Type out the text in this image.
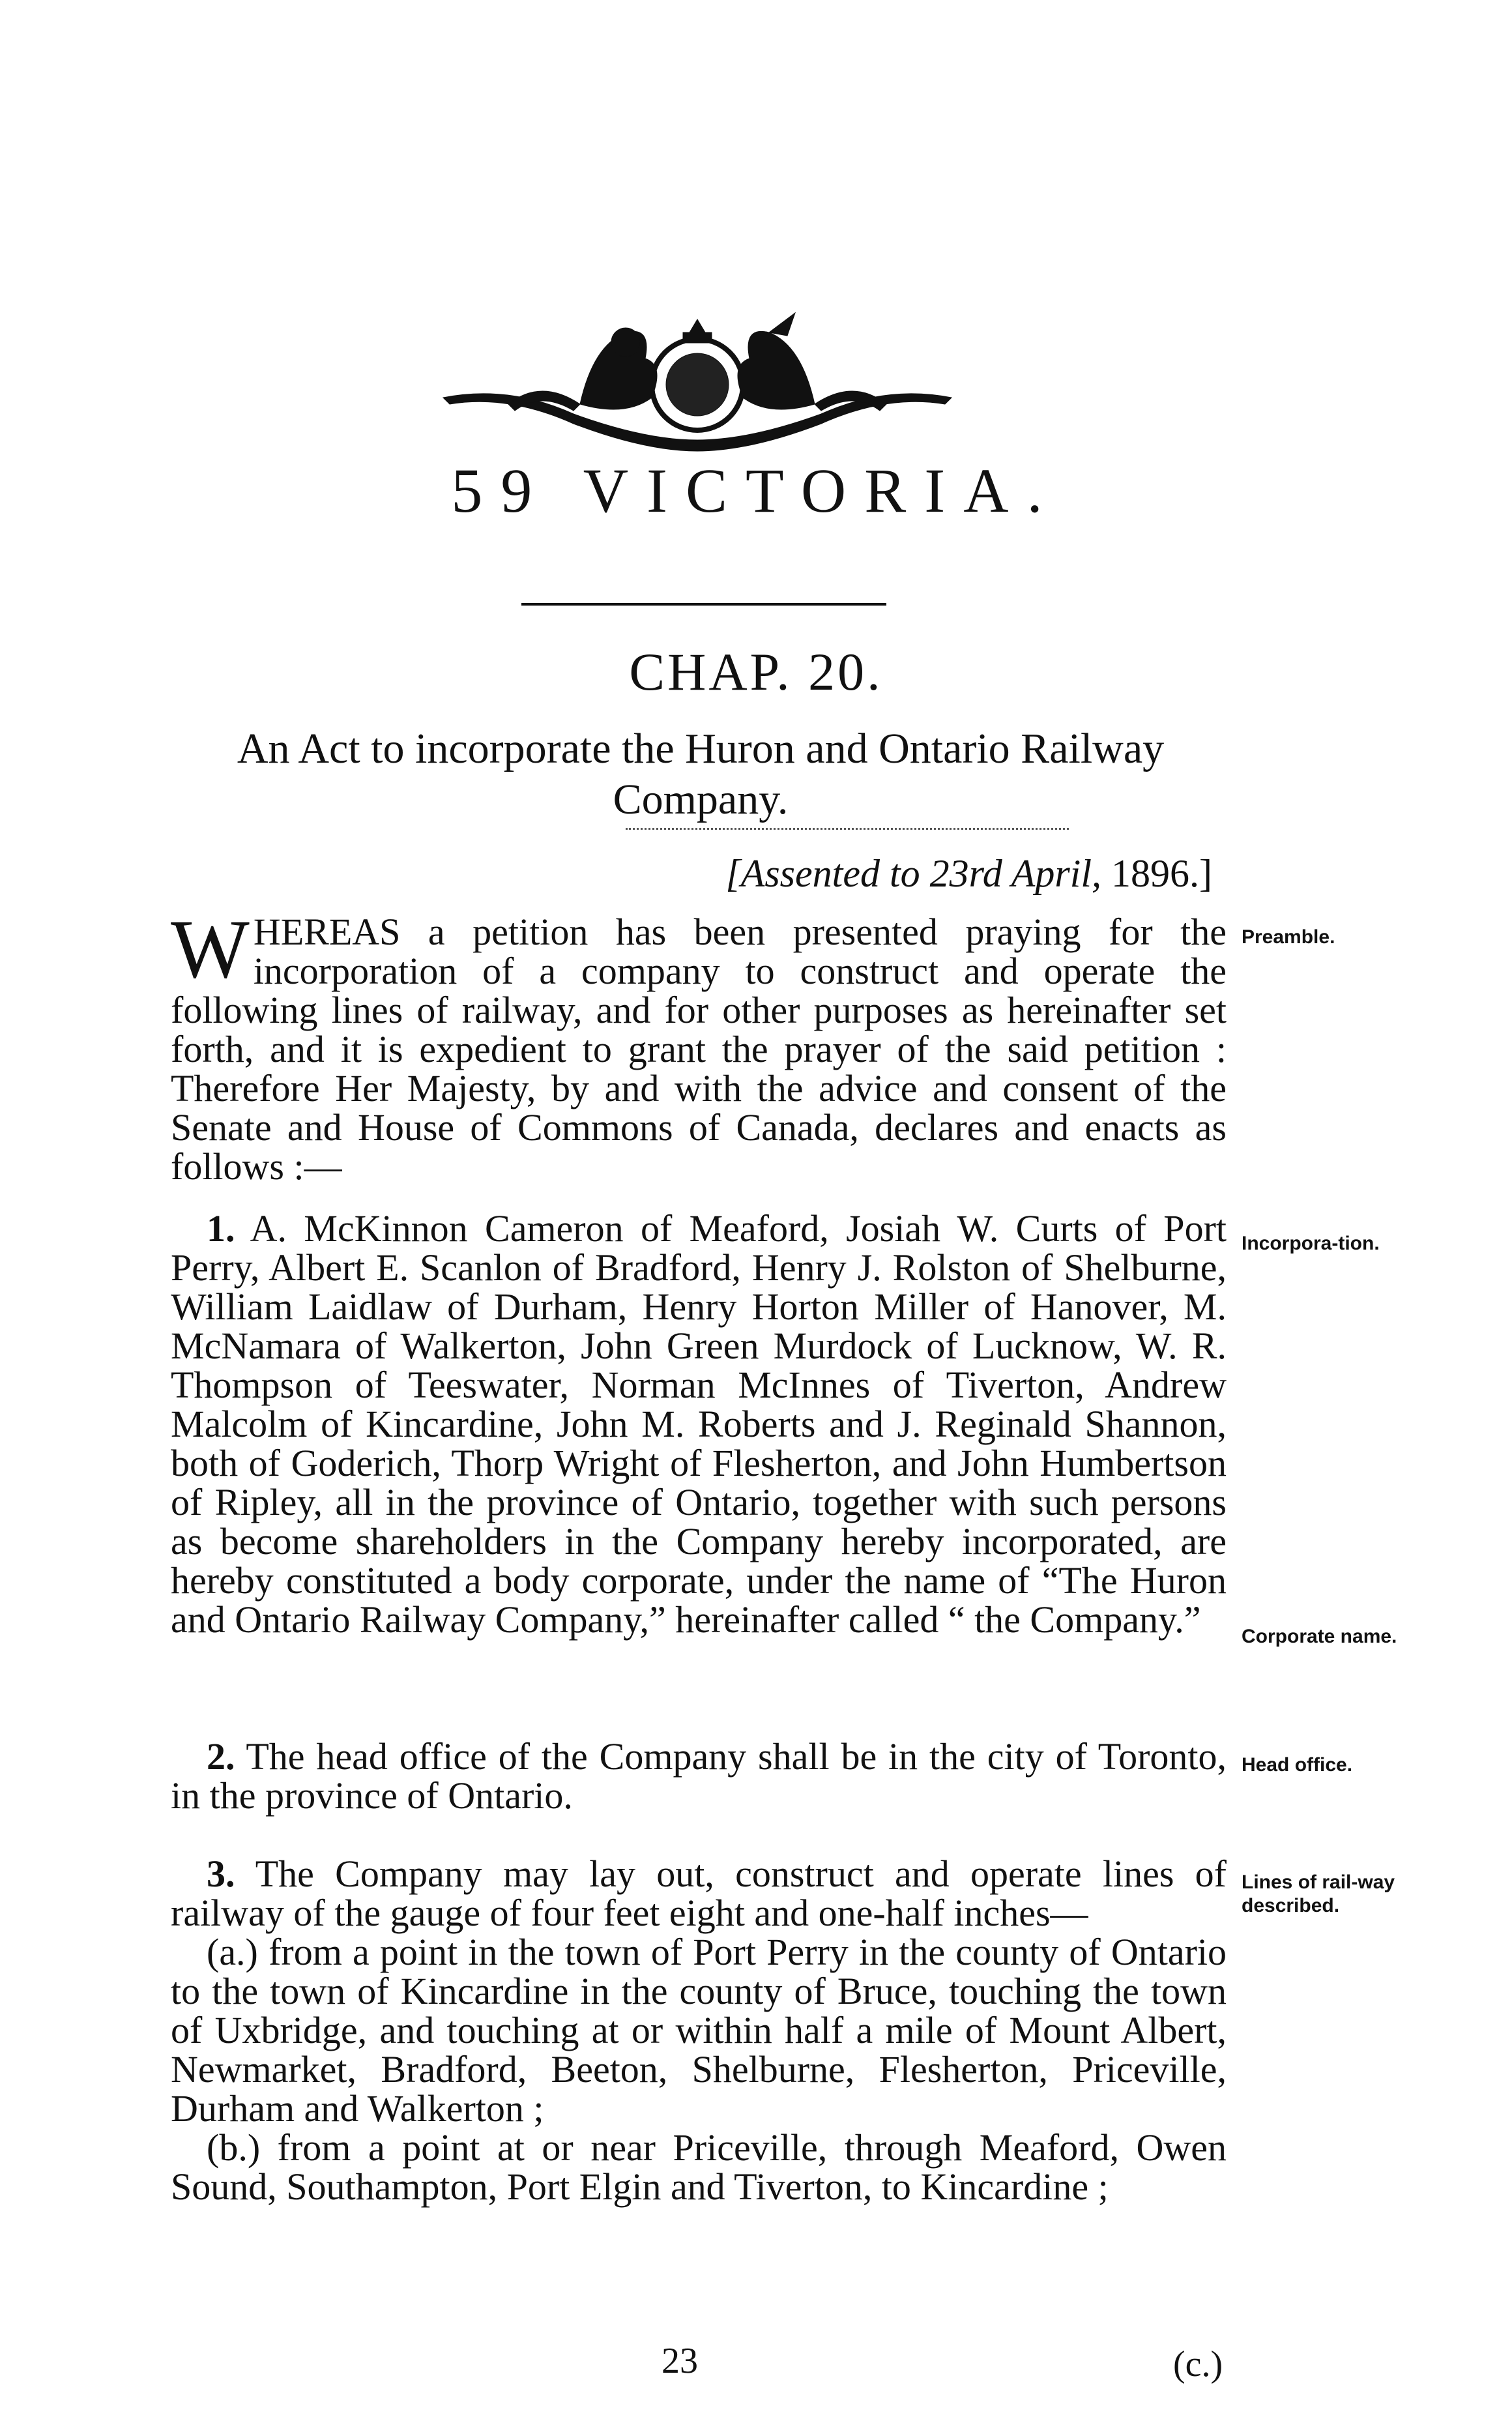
59 VICTORIA.
CHAP. 20.
An Act to incorporate the Huron and Ontario Railway Company.
[Assented to 23rd April, 1896.]
W HEREAS a petition has been presented praying for the incorporation of a company to construct and operate the following lines of railway, and for other purposes as hereinafter set forth, and it is expedient to grant the prayer of the said petition : Therefore Her Majesty, by and with the advice and consent of the Senate and House of Commons of Canada, declares and enacts as follows :—

1. A. McKinnon Cameron of Meaford, Josiah W. Curts of Port Perry, Albert E. Scanlon of Bradford, Henry J. Rolston of Shelburne, William Laidlaw of Durham, Henry Horton Miller of Hanover, M. McNamara of Walkerton, John Green Murdock of Lucknow, W. R. Thompson of Teeswater, Norman McInnes of Tiverton, Andrew Malcolm of Kincardine, John M. Roberts and J. Reginald Shannon, both of Goderich, Thorp Wright of Flesherton, and John Humbertson of Ripley, all in the province of Ontario, together with such persons as become shareholders in the Company hereby incorporated, are hereby constituted a body corporate, under the name of “The Huron and Ontario Railway Company,” hereinafter called “ the Company.”

2. The head office of the Company shall be in the city of Toronto, in the province of Ontario.

3. The Company may lay out, construct and operate lines of railway of the gauge of four feet eight and one-half inches—

(a.) from a point in the town of Port Perry in the county of Ontario to the town of Kincardine in the county of Bruce, touching the town of Uxbridge, and touching at or within half a mile of Mount Albert, Newmarket, Bradford, Beeton, Shelburne, Flesherton, Priceville, Durham and Walkerton ;

(b.) from a point at or near Priceville, through Meaford, Owen Sound, Southampton, Port Elgin and Tiverton, to Kincardine ;

Preamble.
Incorpora-tion.
Corporate name.
Head office.
Lines of rail-way described.
23	(c.)
